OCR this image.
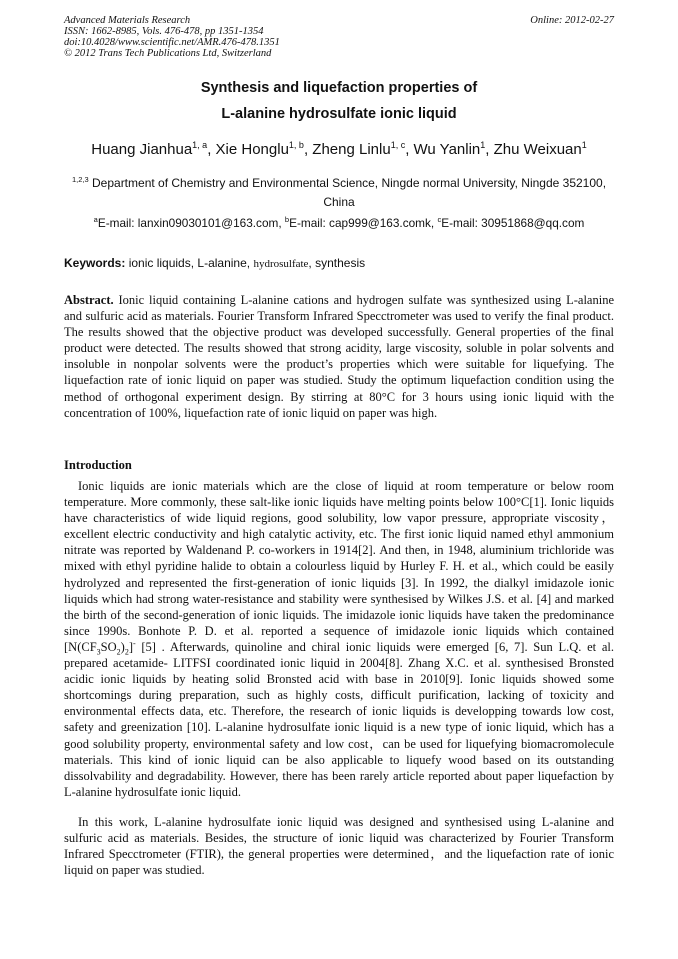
Advanced Materials Research
ISSN: 1662-8985, Vols. 476-478, pp 1351-1354
doi:10.4028/www.scientific.net/AMR.476-478.1351
© 2012 Trans Tech Publications Ltd, Switzerland
Online: 2012-02-27
Synthesis and liquefaction properties of
L-alanine hydrosulfate ionic liquid
Huang Jianhua$^{1, a}$, Xie Honglu$^{1, b}$, Zheng Linlu$^{1, c}$, Wu Yanlin$^1$, Zhu Weixuan$^1$
$^{1,2,3}$ Department of Chemistry and Environmental Science, Ningde normal University, Ningde 352100, China
$^a$E-mail: lanxin09030101@163.com, $^b$E-mail: cap999@163.comk, $^c$E-mail: 30951868@qq.com
Keywords: ionic liquids, L-alanine, hydrosulfate, synthesis
Abstract. Ionic liquid containing L-alanine cations and hydrogen sulfate was synthesized using L-alanine and sulfuric acid as materials. Fourier Transform Infrared Specctrometer was used to verify the final product. The results showed that the objective product was developed successfully. General properties of the final product were detected. The results showed that strong acidity, large viscosity, soluble in polar solvents and insoluble in nonpolar solvents were the product’s properties which were suitable for liquefying. The liquefaction rate of ionic liquid on paper was studied. Study the optimum liquefaction condition using the method of orthogonal experiment design. By stirring at 80°C for 3 hours using ionic liquid with the concentration of 100%, liquefaction rate of ionic liquid on paper was high.
Introduction
Ionic liquids are ionic materials which are the close of liquid at room temperature or below room temperature. More commonly, these salt-like ionic liquids have melting points below 100°C[1]. Ionic liquids have characteristics of wide liquid regions, good solubility, low vapor pressure, appropriate viscosity，excellent electric conductivity and high catalytic activity, etc. The first ionic liquid named ethyl ammonium nitrate was reported by Waldenand P. co-workers in 1914[2]. And then, in 1948, aluminium trichloride was mixed with ethyl pyridine halide to obtain a colourless liquid by Hurley F. H. et al., which could be easily hydrolyzed and represented the first-generation of ionic liquids [3]. In 1992, the dialkyl imidazole ionic liquids which had strong water-resistance and stability were synthesised by Wilkes J.S. et al. [4] and marked the birth of the second-generation of ionic liquids. The imidazole ionic liquids have taken the predominance since 1990s. Bonhote P. D. et al. reported a sequence of imidazole ionic liquids which contained $[N(CF_3SO_2)_2]^-$ [5] . Afterwards, quinoline and chiral ionic liquids were emerged [6, 7]. Sun L.Q. et al. prepared acetamide- LITFSI coordinated ionic liquid in 2004[8]. Zhang X.C. et al. synthesised Bronsted acidic ionic liquids by heating solid Bronsted acid with base in 2010[9]. Ionic liquids showed some shortcomings during preparation, such as highly costs, difficult purification, lacking of toxicity and environmental effects data, etc. Therefore, the research of ionic liquids is developping towards low cost, safety and greenization [10]. L-alanine hydrosulfate ionic liquid is a new type of ionic liquid, which has a good solubility property, environmental safety and low cost，can be used for liquefying biomacromolecule materials. This kind of ionic liquid can be also applicable to liquefy wood based on its outstanding dissolvability and degradability. However, there has been rarely article reported about paper liquefaction by L-alanine hydrosulfate ionic liquid.
In this work, L-alanine hydrosulfate ionic liquid was designed and synthesised using L-alanine and sulfuric acid as materials. Besides, the structure of ionic liquid was characterized by Fourier Transform Infrared Specctrometer (FTIR), the general properties were determined，and the liquefaction rate of ionic liquid on paper was studied.
